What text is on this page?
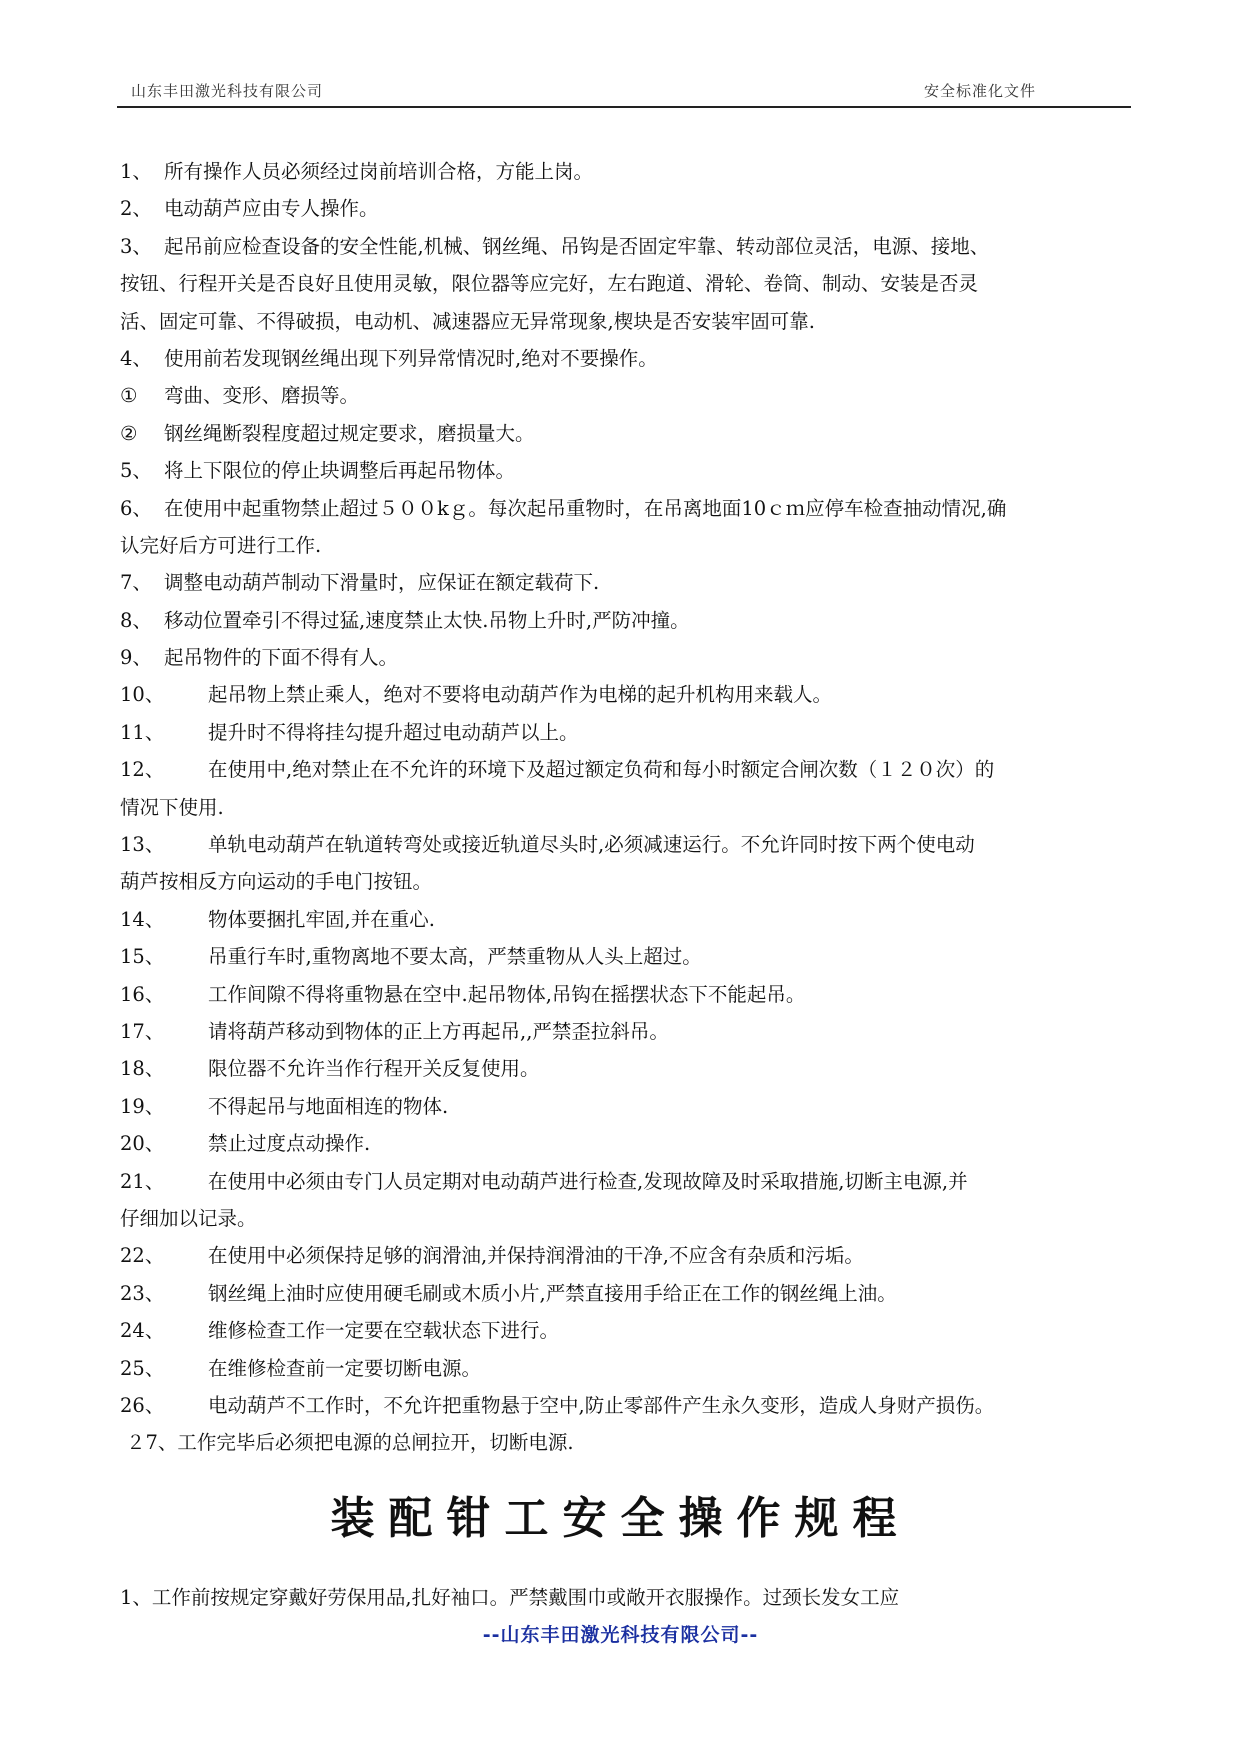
山东丰田激光科技有限公司	安全标准化文件
1、 所有操作人员必须经过岗前培训合格，方能上岗。
2、 电动葫芦应由专人操作。
3、 起吊前应检查设备的安全性能,机械、钢丝绳、吊钩是否固定牢靠、转动部位灵活，电源、接地、
按钮、行程开关是否良好且使用灵敏，限位器等应完好，左右跑道、滑轮、卷筒、制动、安装是否灵
活、固定可靠、不得破损，电动机、减速器应无异常现象,楔块是否安装牢固可靠.
4、 使用前若发现钢丝绳出现下列异常情况时,绝对不要操作。
① 弯曲、变形、磨损等。
② 钢丝绳断裂程度超过规定要求，磨损量大。
5、 将上下限位的停止块调整后再起吊物体。
6、 在使用中起重物禁止超过５００kｇ。每次起吊重物时，在吊离地面10ｃｍ应停车检查抽动情况,确
认完好后方可进行工作.
7、 调整电动葫芦制动下滑量时，应保证在额定载荷下.
8、 移动位置牵引不得过猛,速度禁止太快.吊物上升时,严防冲撞。
9、 起吊物件的下面不得有人。
10、 起吊物上禁止乘人，绝对不要将电动葫芦作为电梯的起升机构用来载人。
11、 提升时不得将挂勾提升超过电动葫芦以上。
12、 在使用中,绝对禁止在不允许的环境下及超过额定负荷和每小时额定合闸次数（１２０次）的
情况下使用.
13、 单轨电动葫芦在轨道转弯处或接近轨道尽头时,必须减速运行。不允许同时按下两个使电动
葫芦按相反方向运动的手电门按钮。
14、 物体要捆扎牢固,并在重心.
15、 吊重行车时,重物离地不要太高，严禁重物从人头上超过。
16、 工作间隙不得将重物悬在空中.起吊物体,吊钩在摇摆状态下不能起吊。
17、 请将葫芦移动到物体的正上方再起吊,,严禁歪拉斜吊。
18、 限位器不允许当作行程开关反复使用。
19、 不得起吊与地面相连的物体.
20、 禁止过度点动操作.
21、 在使用中必须由专门人员定期对电动葫芦进行检查,发现故障及时采取措施,切断主电源,并
仔细加以记录。
22、 在使用中必须保持足够的润滑油,并保持润滑油的干净,不应含有杂质和污垢。
23、 钢丝绳上油时应使用硬毛刷或木质小片,严禁直接用手给正在工作的钢丝绳上油。
24、 维修检查工作一定要在空载状态下进行。
25、 在维修检查前一定要切断电源。
26、 电动葫芦不工作时，不允许把重物悬于空中,防止零部件产生永久变形，造成人身财产损伤。
２7、工作完毕后必须把电源的总闸拉开，切断电源.
装配钳工安全操作规程
1、工作前按规定穿戴好劳保用品,扎好袖口。严禁戴围巾或敞开衣服操作。过颈长发女工应
--山东丰田激光科技有限公司--
